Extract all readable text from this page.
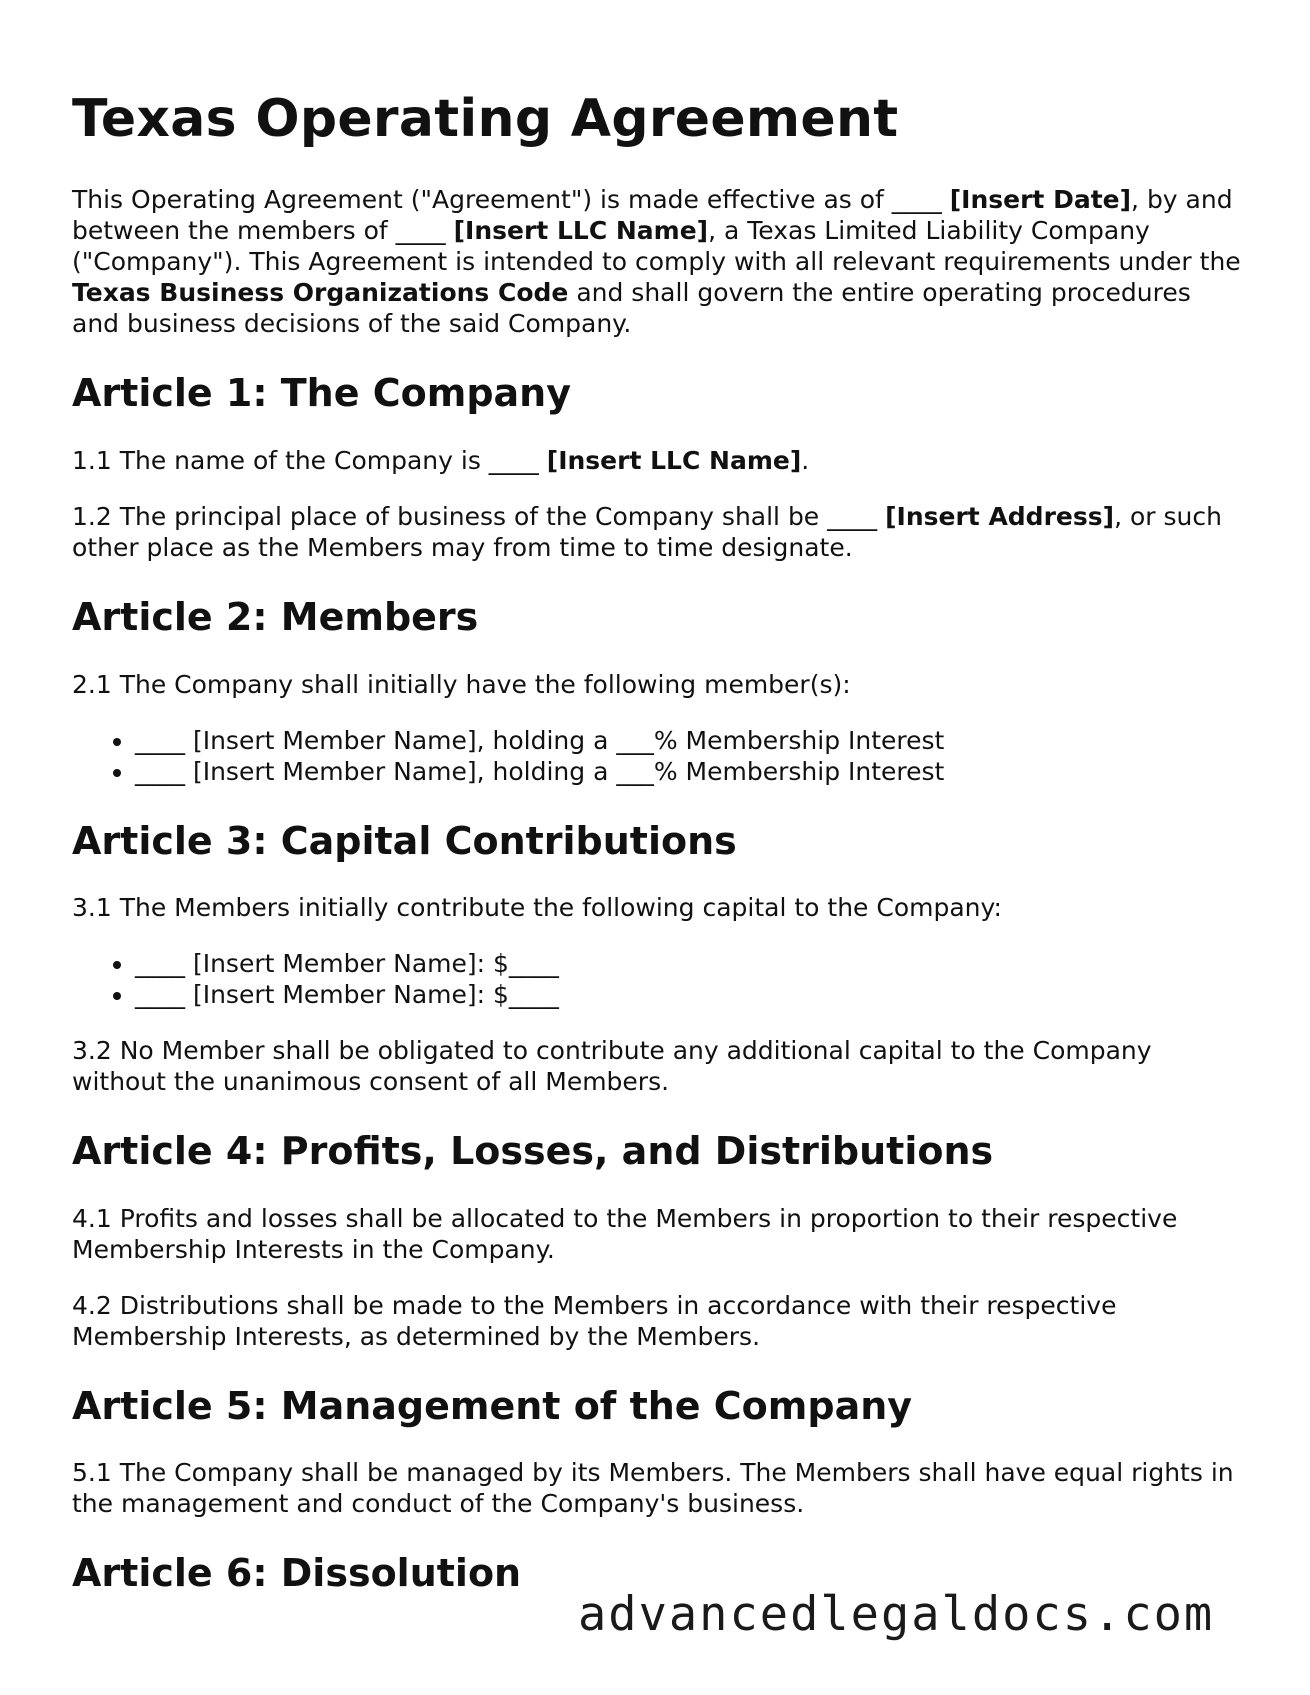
Texas Operating Agreement

This Operating Agreement ("Agreement") is made effective as of ____ [Insert Date], by and between the members of ____ [Insert LLC Name], a Texas Limited Liability Company ("Company"). This Agreement is intended to comply with all relevant requirements under the Texas Business Organizations Code and shall govern the entire operating procedures and business decisions of the said Company.

Article 1: The Company

1.1 The name of the Company is ____ [Insert LLC Name].

1.2 The principal place of business of the Company shall be ____ [Insert Address], or such other place as the Members may from time to time designate.

Article 2: Members

2.1 The Company shall initially have the following member(s):

• ____ [Insert Member Name], holding a ___% Membership Interest
• ____ [Insert Member Name], holding a ___% Membership Interest
Article 3: Capital Contributions

3.1 The Members initially contribute the following capital to the Company:

• ____ [Insert Member Name]: $____
• ____ [Insert Member Name]: $____

3.2 No Member shall be obligated to contribute any additional capital to the Company without the unanimous consent of all Members.

Article 4: Profits, Losses, and Distributions

4.1 Profits and losses shall be allocated to the Members in proportion to their respective Membership Interests in the Company.

4.2 Distributions shall be made to the Members in accordance with their respective Membership Interests, as determined by the Members.

Article 5: Management of the Company

5.1 The Company shall be managed by its Members. The Members shall have equal rights in the management and conduct of the Company's business.

Article 6: Dissolution
advancedlegaldocs.com
